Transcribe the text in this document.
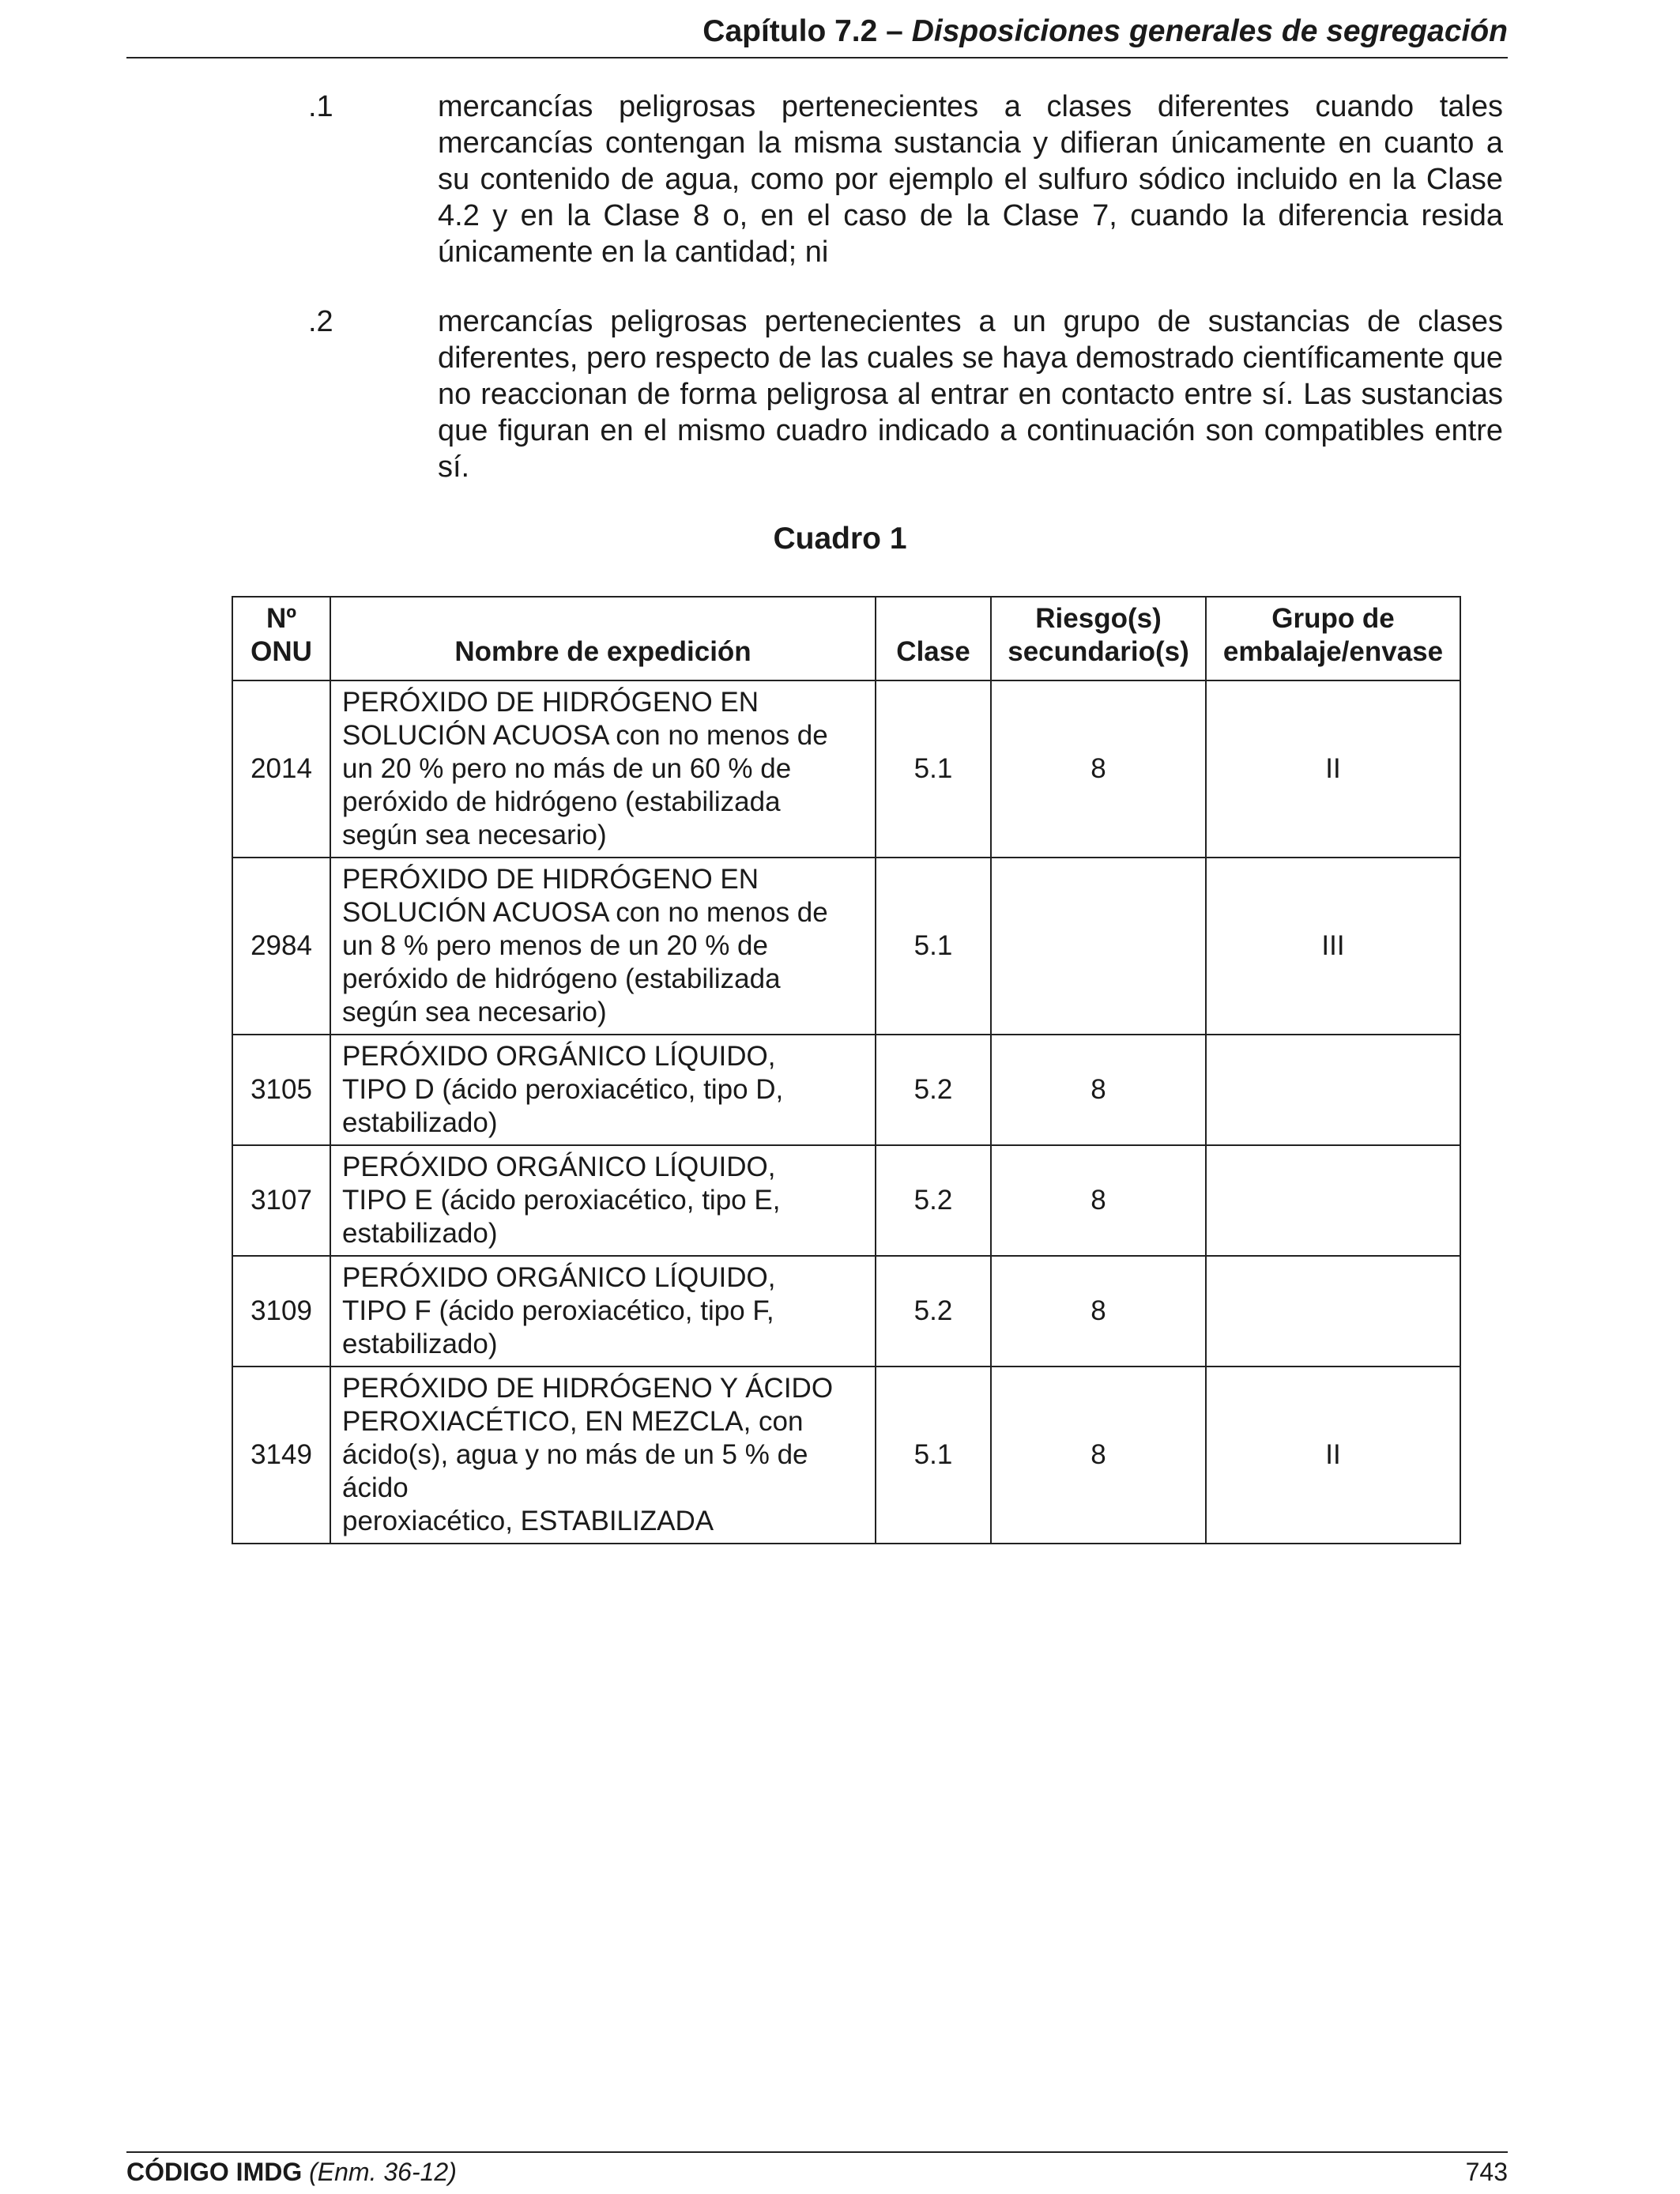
Capítulo 7.2 – Disposiciones generales de segregación
.1	mercancías peligrosas pertenecientes a clases diferentes cuando tales mercancías contengan la misma sustancia y difieran únicamente en cuanto a su contenido de agua, como por ejemplo el sulfuro sódico incluido en la Clase 4.2 y en la Clase 8 o, en el caso de la Clase 7, cuando la diferencia resida únicamente en la cantidad; ni
.2	mercancías peligrosas pertenecientes a un grupo de sustancias de clases diferentes, pero respecto de las cuales se haya demostrado científicamente que no reaccionan de forma peligrosa al entrar en contacto entre sí. Las sustancias que figuran en el mismo cuadro indicado a continuación son compatibles entre sí.
Cuadro 1
Nº
ONU	Nombre de expedición	Clase	Riesgo(s)
secundario(s)	Grupo de
embalaje/envase
2014	PERÓXIDO DE HIDRÓGENO EN
SOLUCIÓN ACUOSA con no menos de
un 20 % pero no más de un 60 % de
peróxido de hidrógeno (estabilizada
según sea necesario)	5.1	8	II
2984	PERÓXIDO DE HIDRÓGENO EN
SOLUCIÓN ACUOSA con no menos de
un 8 % pero menos de un 20 % de
peróxido de hidrógeno (estabilizada
según sea necesario)	5.1		III
3105	PERÓXIDO ORGÁNICO LÍQUIDO,
TIPO D (ácido peroxiacético, tipo D,
estabilizado)	5.2	8	
3107	PERÓXIDO ORGÁNICO LÍQUIDO,
TIPO E (ácido peroxiacético, tipo E,
estabilizado)	5.2	8	
3109	PERÓXIDO ORGÁNICO LÍQUIDO,
TIPO F (ácido peroxiacético, tipo F,
estabilizado)	5.2	8	
3149	PERÓXIDO DE HIDRÓGENO Y ÁCIDO
PEROXIACÉTICO, EN MEZCLA, con
ácido(s), agua y no más de un 5 % de
ácido
peroxiacético, ESTABILIZADA	5.1	8	II
CÓDIGO IMDG (Enm. 36-12)	743
